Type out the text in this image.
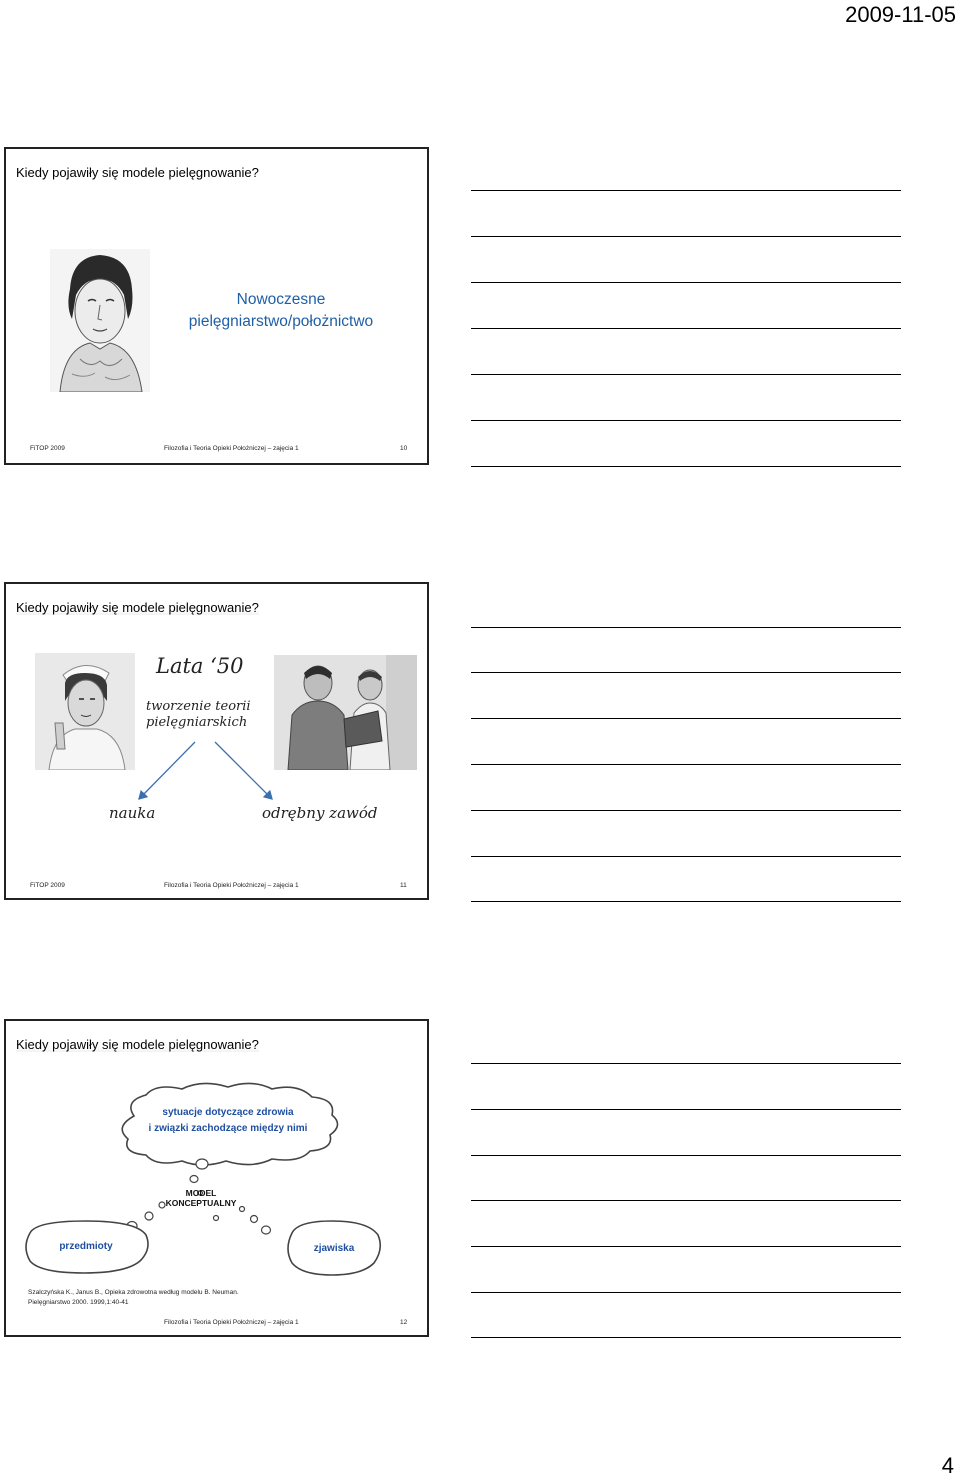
2009-11-05
Kiedy pojawiły się modele pielęgnowanie?
Nowoczesne
pielęgniarstwo/położnictwo
FiTOP 2009	Filozofia i Teoria Opieki Położniczej – zajęcia 1	10
Kiedy pojawiły się modele pielęgnowanie?
Lata ‘50
tworzenie teorii
pielęgniarskich
nauka	odrębny zawód
FiTOP 2009	Filozofia i Teoria Opieki Położniczej – zajęcia 1	11
Kiedy pojawiły się modele pielęgnowanie?
sytuacje dotyczące zdrowia
i związki zachodzące między nimi
MODEL
KONCEPTUALNY
przedmioty	zjawiska
Szalczyńska K., Janus B., Opieka zdrowotna według modelu B. Neuman.
Pielęgniarstwo 2000. 1999,1:40-41
Filozofia i Teoria Opieki Położniczej – zajęcia 1	12
4
